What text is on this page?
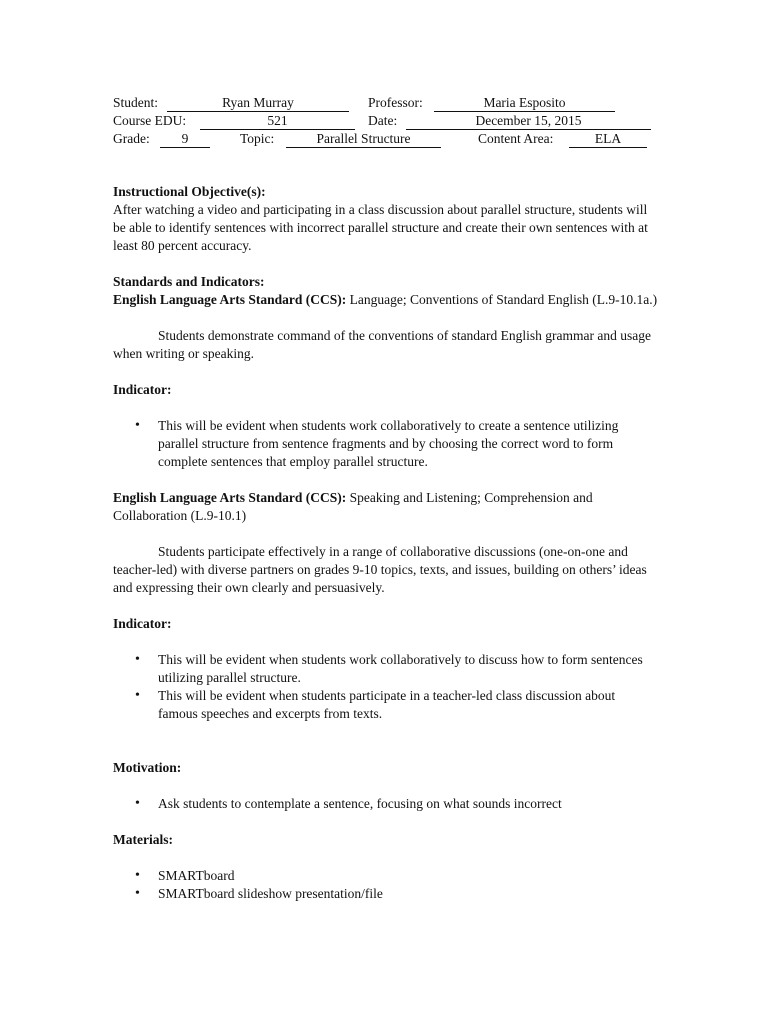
Student:	Ryan Murray	Professor:	Maria Esposito
Course EDU:	521	Date:	December 15, 2015
Grade:	9	Topic:	Parallel Structure	Content Area:	ELA

Instructional Objective(s):

After watching a video and participating in a class discussion about parallel structure, students will be able to identify sentences with incorrect parallel structure and create their own sentences with at least 80 percent accuracy.

Standards and Indicators:

English Language Arts Standard (CCS): Language; Conventions of Standard English (L.9-10.1a.)

Students demonstrate command of the conventions of standard English grammar and usage when writing or speaking.

Indicator:

• This will be evident when students work collaboratively to create a sentence utilizing parallel structure from sentence fragments and by choosing the correct word to form complete sentences that employ parallel structure.

English Language Arts Standard (CCS): Speaking and Listening; Comprehension and Collaboration (L.9-10.1)

Students participate effectively in a range of collaborative discussions (one-on-one and teacher-led) with diverse partners on grades 9-10 topics, texts, and issues, building on others’ ideas and expressing their own clearly and persuasively.

Indicator:

• This will be evident when students work collaboratively to discuss how to form sentences utilizing parallel structure.
• This will be evident when students participate in a teacher-led class discussion about famous speeches and excerpts from texts.

Motivation:

• Ask students to contemplate a sentence, focusing on what sounds incorrect

Materials:

• SMARTboard
• SMARTboard slideshow presentation/file
